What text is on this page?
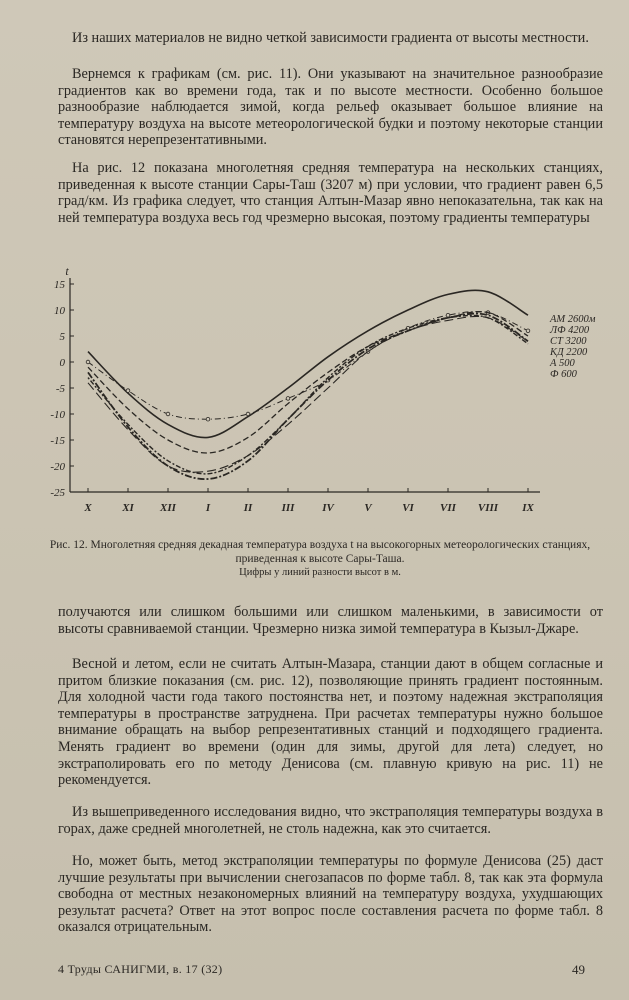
Из наших материалов не видно четкой зависимости градиента от высоты местности.

Вернемся к графикам (см. рис. 11). Они указывают на значительное разнообразие градиентов как во времени года, так и по высоте местности. Особенно большое разнообразие наблюдается зимой, когда рельеф оказывает большое влияние на температуру воздуха на высоте метеорологической будки и поэтому некоторые станции становятся нерепрезентативными.

На рис. 12 показана многолетняя средняя температура на нескольких станциях, приведенная к высоте станции Сары-Таш (3207 м) при условии, что градиент равен 6,5 град/км. Из графика следует, что станция Алтын-Мазар явно непоказательна, так как на ней температура воздуха весь год чрезмерно высокая, поэтому градиенты температуры

t
15
10
5
0
-5
-10
-15
-20
-25
X	XI XII	I	II	III	IV	V	VI VII VIII IX
АМ 2600м
ЛФ 4200
СТ 3200
КД 2200
А 500
Ф 600

Рис. 12. Многолетняя средняя декадная температура воздуха t на высокогорных метеорологических станциях, приведенная к высоте Сары-Таша.

Цифры у линий разности высот в м.

получаются или слишком большими или слишком маленькими, в зависимости от высоты сравниваемой станции. Чрезмерно низка зимой температура в Кызыл-Джаре.

Весной и летом, если не считать Алтын-Мазара, станции дают в общем согласные и притом близкие показания (см. рис. 12), позволяющие принять градиент постоянным. Для холодной части года такого постоянства нет, и поэтому надежная экстраполяция температуры в пространстве затруднена. При расчетах температуры нужно большое внимание обращать на выбор репрезентативных станций и подходящего градиента. Менять градиент во времени (один для зимы, другой для лета) следует, но экстраполировать его по методу Денисова (см. плавную кривую на рис. 11) не рекомендуется.

Из вышеприведенного исследования видно, что экстраполяция температуры воздуха в горах, даже средней многолетней, не столь надежна, как это считается.

Но, может быть, метод экстраполяции температуры по формуле Денисова (25) даст лучшие результаты при вычислении снегозапасов по форме табл. 8, так как эта формула свободна от местных незакономерных влияний на температуру воздуха, ухудшающих результат расчета? Ответ на этот вопрос после составления расчета по форме табл. 8 оказался отрицательным.

4 Труды САНИГМИ, в. 17 (32)	49
